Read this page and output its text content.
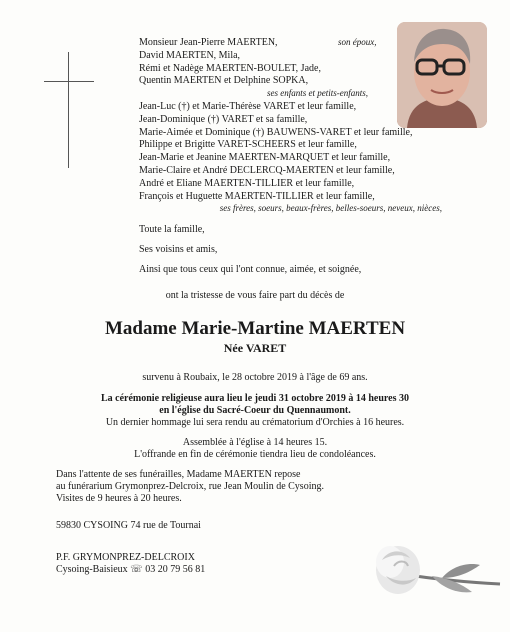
Monsieur Jean-Pierre MAERTEN,	son époux,
David MAERTEN, Mila,
Rémi et Nadège MAERTEN-BOULET, Jade,
Quentin MAERTEN et Delphine SOPKA,
ses enfants et petits-enfants,
Jean-Luc (†) et Marie-Thérèse VARET et leur famille,
Jean-Dominique (†) VARET et sa famille,
Marie-Aimée et Dominique (†) BAUWENS-VARET et leur famille,
Philippe et Brigitte VARET-SCHEERS et leur famille,
Jean-Marie et Jeanine MAERTEN-MARQUET et leur famille,
Marie-Claire et André DECLERCQ-MAERTEN et leur famille,
André et Eliane MAERTEN-TILLIER et leur famille,
François et Huguette MAERTEN-TILLIER et leur famille,
ses frères, soeurs, beaux-frères, belles-soeurs, neveux, nièces,
Toute la famille,
Ses voisins et amis,
Ainsi que tous ceux qui l'ont connue, aimée, et soignée,
ont la tristesse de vous faire part du décès de
Madame Marie-Martine MAERTEN
Née VARET
survenu à Roubaix, le 28 octobre 2019 à l'âge de 69 ans.
La cérémonie religieuse aura lieu le jeudi 31 octobre 2019 à 14 heures 30
en l'église du Sacré-Coeur du Quennaumont.
Un dernier hommage lui sera rendu au crématorium d'Orchies à 16 heures.
Assemblée à l'église à 14 heures 15.
L'offrande en fin de cérémonie tiendra lieu de condoléances.
Dans l'attente de ses funérailles, Madame MAERTEN repose
au funérarium Grymonprez-Delcroix, rue Jean Moulin de Cysoing.
Visites de 9 heures à 20 heures.
59830 CYSOING 74 rue de Tournai
P.F. GRYMONPREZ-DELCROIX
Cysoing-Baisieux ☏ 03 20 79 56 81
